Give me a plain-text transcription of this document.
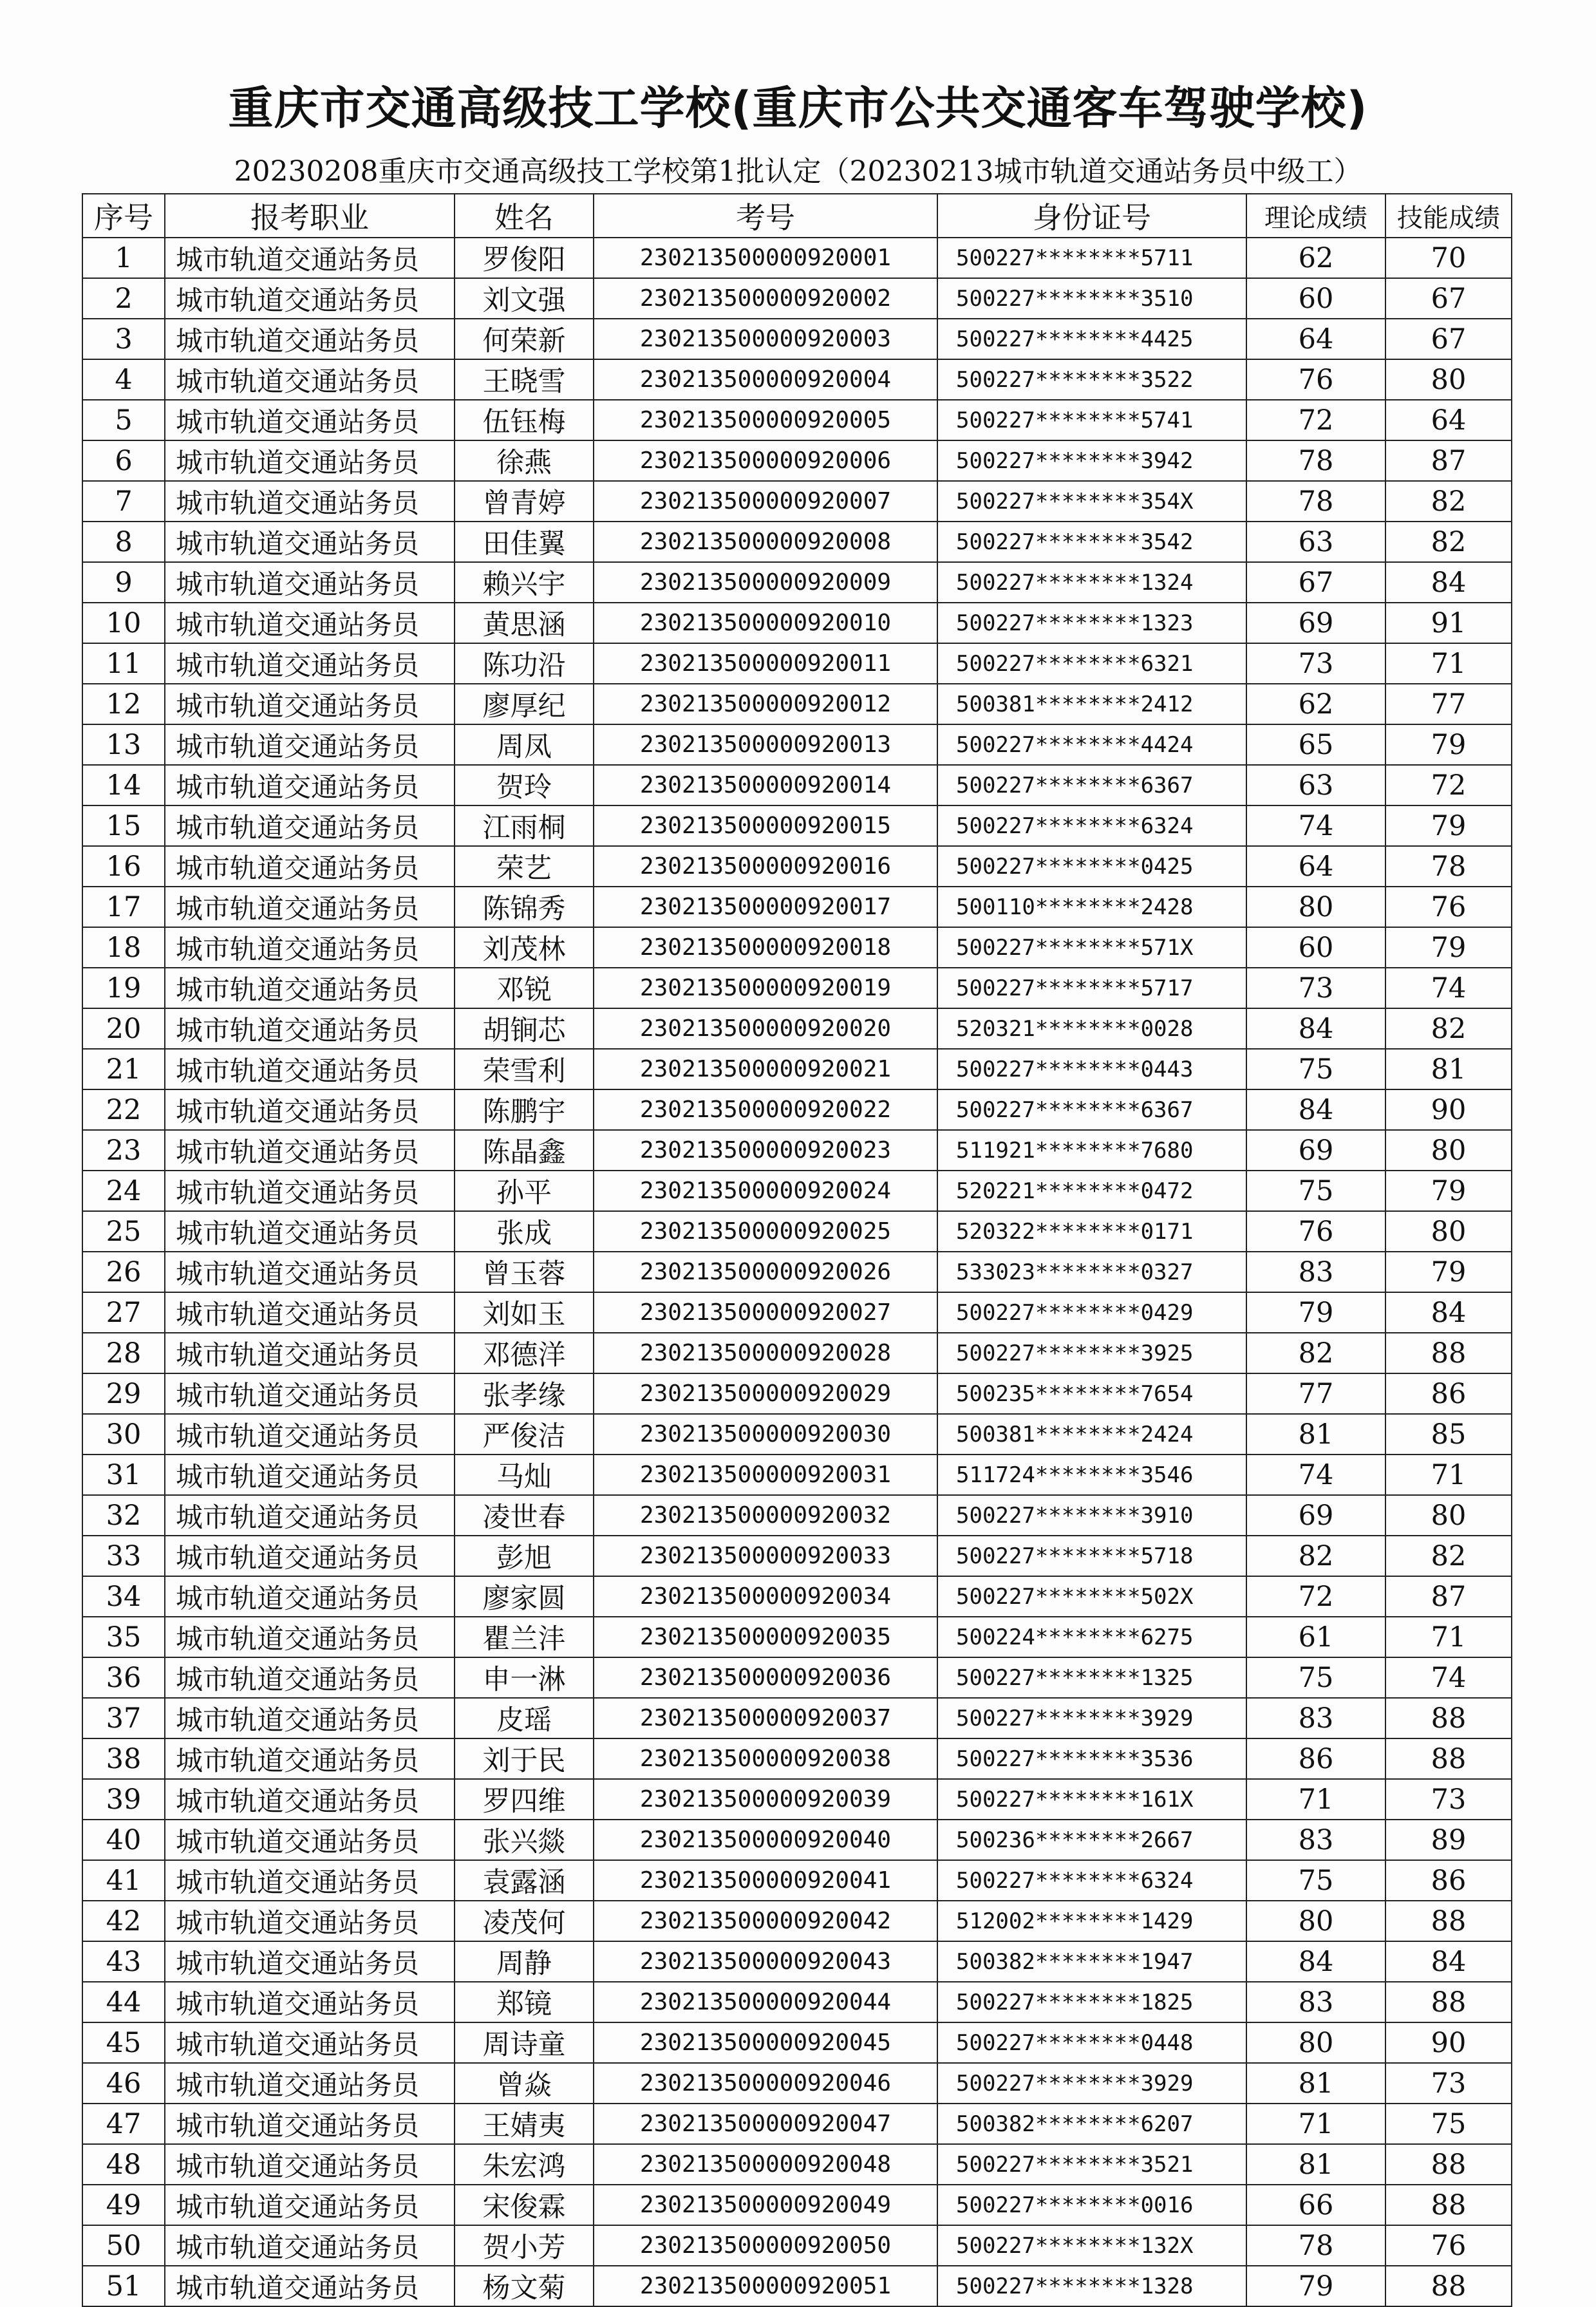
重庆市交通高级技工学校(重庆市公共交通客车驾驶学校)
20230208重庆市交通高级技工学校第1批认定（20230213城市轨道交通站务员中级工）
序号	报考职业	姓名	考号	身份证号	理论成绩	技能成绩
1	城市轨道交通站务员	罗俊阳	230213500000920001	500227********5711	62	70
2	城市轨道交通站务员	刘文强	230213500000920002	500227********3510	60	67
3	城市轨道交通站务员	何荣新	230213500000920003	500227********4425	64	67
4	城市轨道交通站务员	王晓雪	230213500000920004	500227********3522	76	80
5	城市轨道交通站务员	伍钰梅	230213500000920005	500227********5741	72	64
6	城市轨道交通站务员	徐燕	230213500000920006	500227********3942	78	87
7	城市轨道交通站务员	曾青婷	230213500000920007	500227********354X	78	82
8	城市轨道交通站务员	田佳翼	230213500000920008	500227********3542	63	82
9	城市轨道交通站务员	赖兴宇	230213500000920009	500227********1324	67	84
10	城市轨道交通站务员	黄思涵	230213500000920010	500227********1323	69	91
11	城市轨道交通站务员	陈功沿	230213500000920011	500227********6321	73	71
12	城市轨道交通站务员	廖厚纪	230213500000920012	500381********2412	62	77
13	城市轨道交通站务员	周凤	230213500000920013	500227********4424	65	79
14	城市轨道交通站务员	贺玲	230213500000920014	500227********6367	63	72
15	城市轨道交通站务员	江雨桐	230213500000920015	500227********6324	74	79
16	城市轨道交通站务员	荣艺	230213500000920016	500227********0425	64	78
17	城市轨道交通站务员	陈锦秀	230213500000920017	500110********2428	80	76
18	城市轨道交通站务员	刘茂林	230213500000920018	500227********571X	60	79
19	城市轨道交通站务员	邓锐	230213500000920019	500227********5717	73	74
20	城市轨道交通站务员	胡锏芯	230213500000920020	520321********0028	84	82
21	城市轨道交通站务员	荣雪利	230213500000920021	500227********0443	75	81
22	城市轨道交通站务员	陈鹏宇	230213500000920022	500227********6367	84	90
23	城市轨道交通站务员	陈晶鑫	230213500000920023	511921********7680	69	80
24	城市轨道交通站务员	孙平	230213500000920024	520221********0472	75	79
25	城市轨道交通站务员	张成	230213500000920025	520322********0171	76	80
26	城市轨道交通站务员	曾玉蓉	230213500000920026	533023********0327	83	79
27	城市轨道交通站务员	刘如玉	230213500000920027	500227********0429	79	84
28	城市轨道交通站务员	邓德洋	230213500000920028	500227********3925	82	88
29	城市轨道交通站务员	张孝缘	230213500000920029	500235********7654	77	86
30	城市轨道交通站务员	严俊洁	230213500000920030	500381********2424	81	85
31	城市轨道交通站务员	马灿	230213500000920031	511724********3546	74	71
32	城市轨道交通站务员	凌世春	230213500000920032	500227********3910	69	80
33	城市轨道交通站务员	彭旭	230213500000920033	500227********5718	82	82
34	城市轨道交通站务员	廖家圆	230213500000920034	500227********502X	72	87
35	城市轨道交通站务员	瞿兰沣	230213500000920035	500224********6275	61	71
36	城市轨道交通站务员	申一淋	230213500000920036	500227********1325	75	74
37	城市轨道交通站务员	皮瑶	230213500000920037	500227********3929	83	88
38	城市轨道交通站务员	刘于民	230213500000920038	500227********3536	86	88
39	城市轨道交通站务员	罗四维	230213500000920039	500227********161X	71	73
40	城市轨道交通站务员	张兴燚	230213500000920040	500236********2667	83	89
41	城市轨道交通站务员	袁露涵	230213500000920041	500227********6324	75	86
42	城市轨道交通站务员	凌茂何	230213500000920042	512002********1429	80	88
43	城市轨道交通站务员	周静	230213500000920043	500382********1947	84	84
44	城市轨道交通站务员	郑镜	230213500000920044	500227********1825	83	88
45	城市轨道交通站务员	周诗童	230213500000920045	500227********0448	80	90
46	城市轨道交通站务员	曾焱	230213500000920046	500227********3929	81	73
47	城市轨道交通站务员	王婧夷	230213500000920047	500382********6207	71	75
48	城市轨道交通站务员	朱宏鸿	230213500000920048	500227********3521	81	88
49	城市轨道交通站务员	宋俊霖	230213500000920049	500227********0016	66	88
50	城市轨道交通站务员	贺小芳	230213500000920050	500227********132X	78	76
51	城市轨道交通站务员	杨文菊	230213500000920051	500227********1328	79	88
